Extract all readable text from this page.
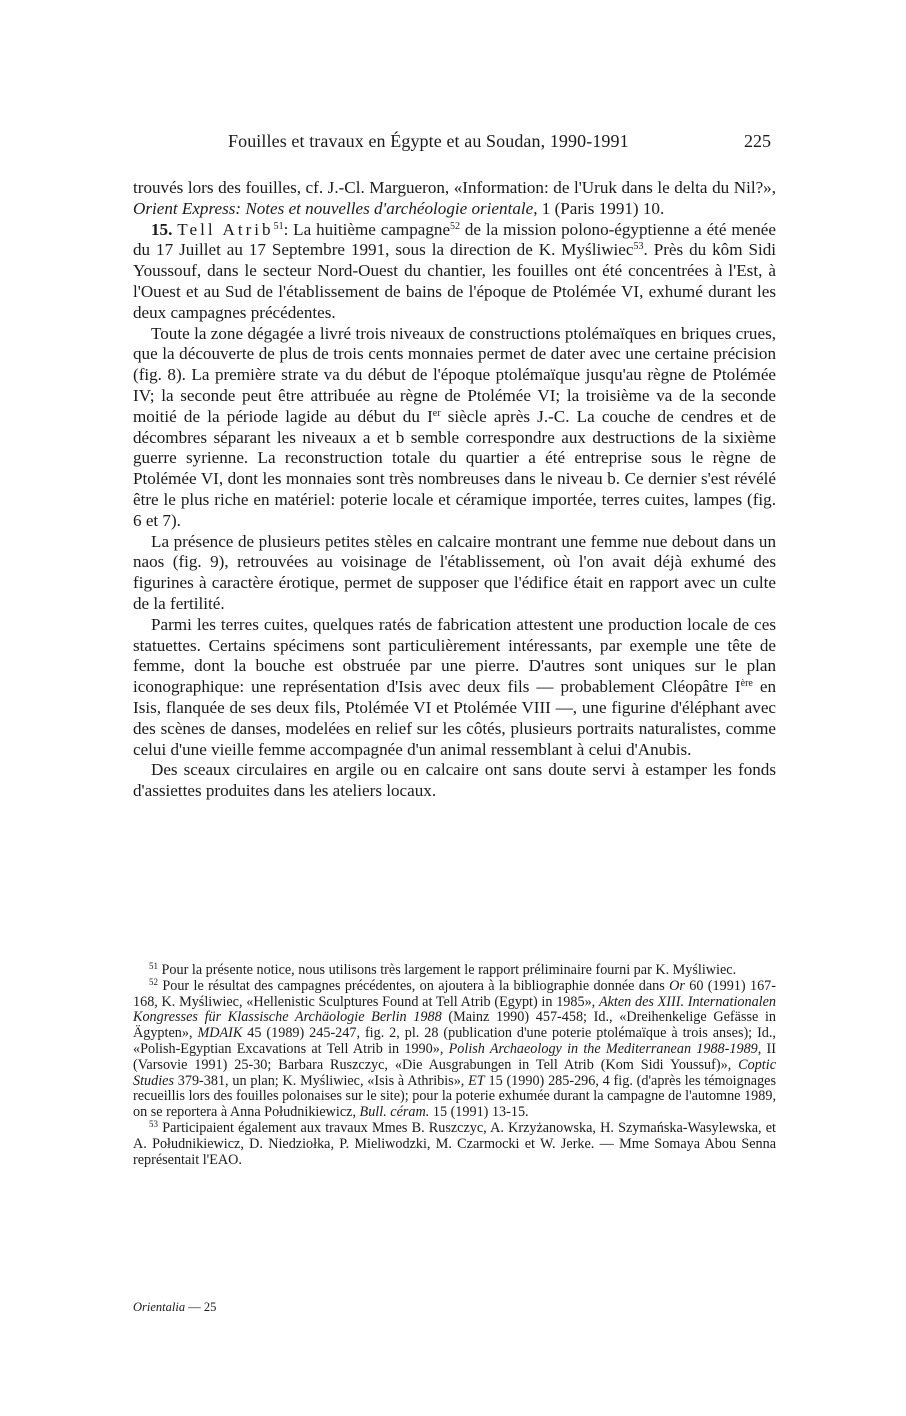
Fouilles et travaux en Égypte et au Soudan, 1990-1991	225

trouvés lors des fouilles, cf. J.-Cl. Margueron, «Information: de l'Uruk dans le delta du Nil?», Orient Express: Notes et nouvelles d'archéologie orientale, 1 (Paris 1991) 10.

15. Tell Atrib$^{51}$: La huitième campagne$^{52}$ de la mission polono-égyptienne a été menée du 17 Juillet au 17 Septembre 1991, sous la direction de K. Myśliwiec$^{53}$. Près du kôm Sidi Youssouf, dans le secteur Nord-Ouest du chantier, les fouilles ont été concentrées à l'Est, à l'Ouest et au Sud de l'établissement de bains de l'époque de Ptolémée VI, exhumé durant les deux campagnes précédentes.

Toute la zone dégagée a livré trois niveaux de constructions ptolémaïques en briques crues, que la découverte de plus de trois cents monnaies permet de dater avec une certaine précision (fig. 8). La première strate va du début de l'époque ptolémaïque jusqu'au règne de Ptolémée IV; la seconde peut être attribuée au règne de Ptolémée VI; la troisième va de la seconde moitié de la période lagide au début du Ier siècle après J.-C. La couche de cendres et de décombres séparant les niveaux a et b semble correspondre aux destructions de la sixième guerre syrienne. La reconstruction totale du quartier a été entreprise sous le règne de Ptolémée VI, dont les monnaies sont très nombreuses dans le niveau b. Ce dernier s'est révélé être le plus riche en matériel: poterie locale et céramique importée, terres cuites, lampes (fig. 6 et 7).

La présence de plusieurs petites stèles en calcaire montrant une femme nue debout dans un naos (fig. 9), retrouvées au voisinage de l'établissement, où l'on avait déjà exhumé des figurines à caractère érotique, permet de supposer que l'édifice était en rapport avec un culte de la fertilité.

Parmi les terres cuites, quelques ratés de fabrication attestent une production locale de ces statuettes. Certains spécimens sont particulièrement intéressants, par exemple une tête de femme, dont la bouche est obstruée par une pierre. D'autres sont uniques sur le plan iconographique: une représentation d'Isis avec deux fils — probablement Cléopâtre Ière en Isis, flanquée de ses deux fils, Ptolémée VI et Ptolémée VIII —, une figurine d'éléphant avec des scènes de danses, modelées en relief sur les côtés, plusieurs portraits naturalistes, comme celui d'une vieille femme accompagnée d'un animal ressemblant à celui d'Anubis.

Des sceaux circulaires en argile ou en calcaire ont sans doute servi à estamper les fonds d'assiettes produites dans les ateliers locaux.

$^{51}$ Pour la présente notice, nous utilisons très largement le rapport préliminaire fourni par K. Myśliwiec.

$^{52}$ Pour le résultat des campagnes précédentes, on ajoutera à la bibliographie donnée dans Or 60 (1991) 167-168, K. Myśliwiec, «Hellenistic Sculptures Found at Tell Atrib (Egypt) in 1985», Akten des XIII. Internationalen Kongresses für Klassische Archäologie Berlin 1988 (Mainz 1990) 457-458; Id., «Dreihenkelige Gefässe in Ägypten», MDAIK 45 (1989) 245-247, fig. 2, pl. 28 (publication d'une poterie ptolémaïque à trois anses); Id., «Polish-Egyptian Excavations at Tell Atrib in 1990», Polish Archaeology in the Mediterranean 1988-1989, II (Varsovie 1991) 25-30; Barbara Ruszczyc, «Die Ausgrabungen in Tell Atrib (Kom Sidi Youssuf)», Coptic Studies 379-381, un plan; K. Myśliwiec, «Isis à Athribis», ET 15 (1990) 285-296, 4 fig. (d'après les témoignages recueillis lors des fouilles polonaises sur le site); pour la poterie exhumée durant la campagne de l'automne 1989, on se reportera à Anna Południkiewicz, Bull. céram. 15 (1991) 13-15.

$^{53}$ Participaient également aux travaux Mmes B. Ruszczyc, A. Krzyżanowska, H. Szymańska-Wasylewska, et A. Południkiewicz, D. Niedziołka, P. Mieliwodzki, M. Czarmocki et W. Jerke. — Mme Somaya Abou Senna représentait l'EAO.

Orientalia — 25
